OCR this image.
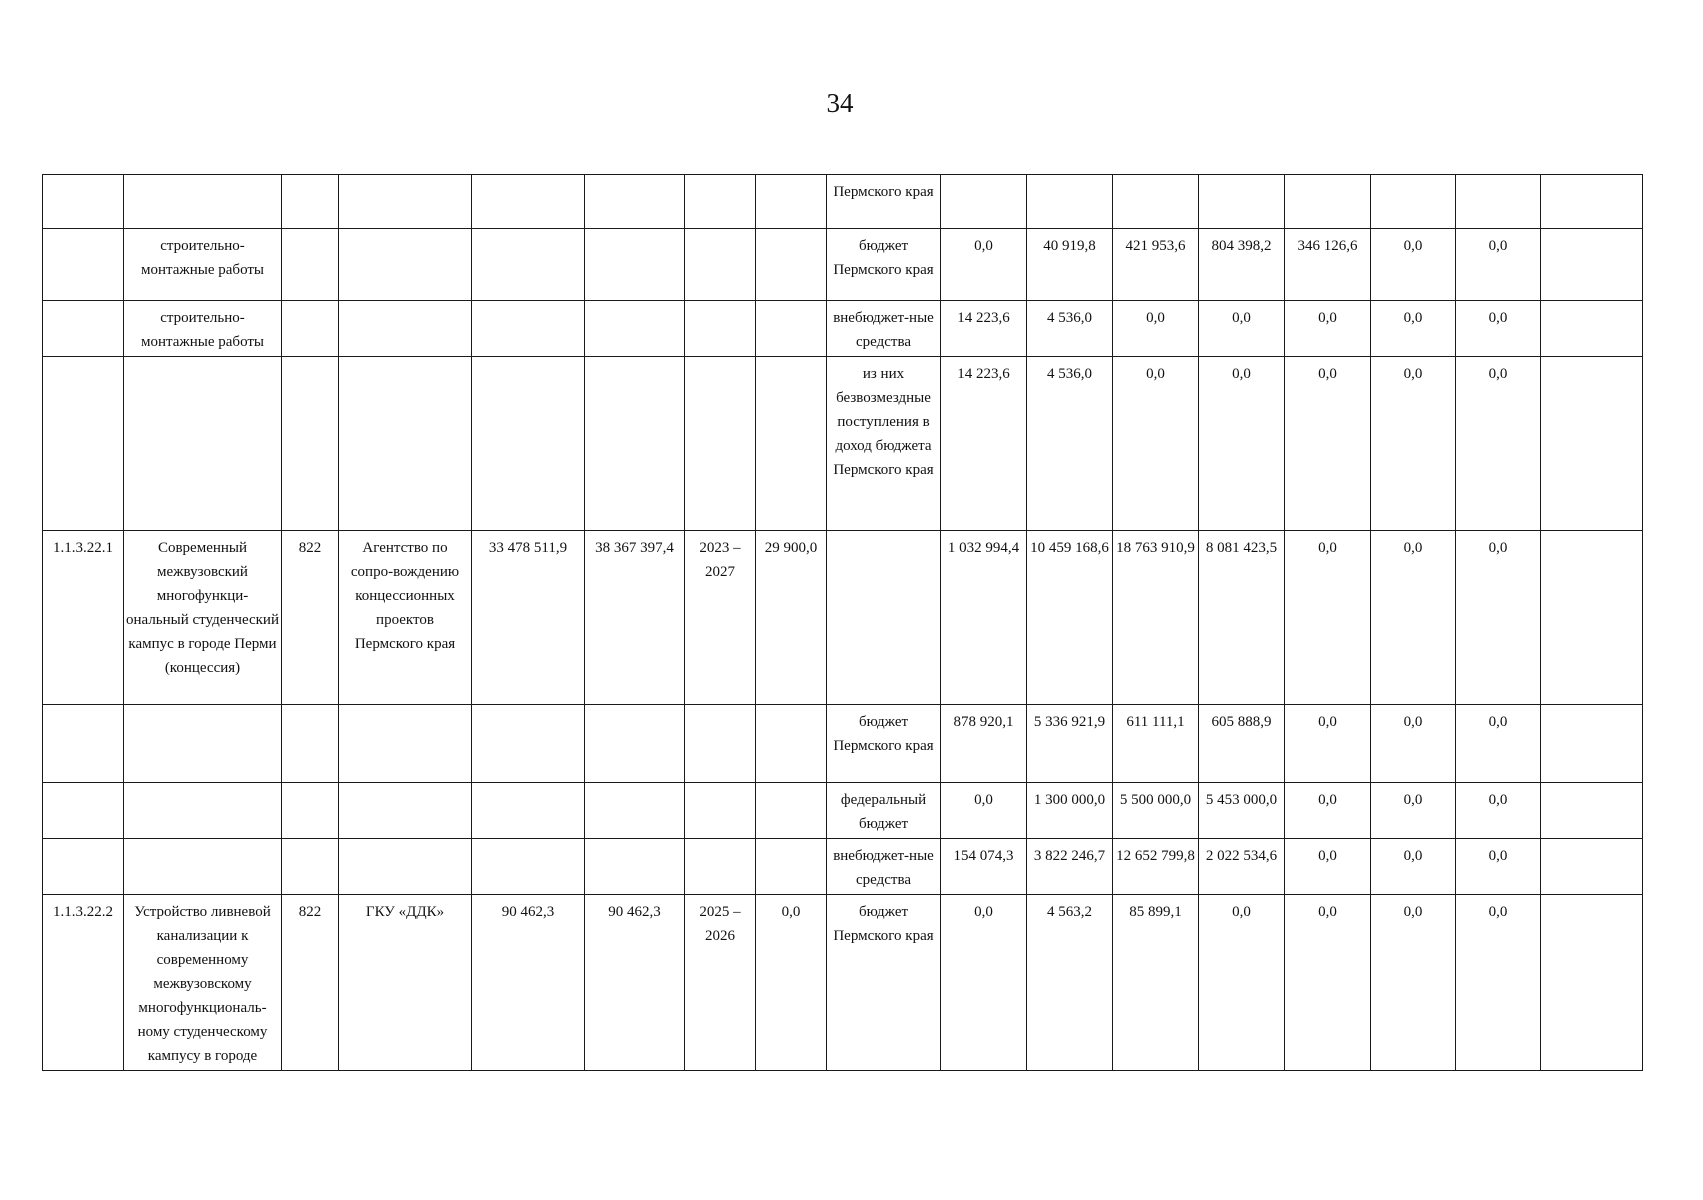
34
								Пермского края								
	строительно-монтажные работы							бюджет Пермского края	0,0	40 919,8	421 953,6	804 398,2	346 126,6	0,0	0,0	
	строительно-монтажные работы							внебюджет-ные средства	14 223,6	4 536,0	0,0	0,0	0,0	0,0	0,0	
								из них безвозмездные поступления в доход бюджета Пермского края	14 223,6	4 536,0	0,0	0,0	0,0	0,0	0,0	
1.1.3.22.1	Современный межвузовский многофункци-ональный студенческий кампус в городе Перми (концессия)	822	Агентство по сопро-вождению концессионных проектов Пермского края	33 478 511,9	38 367 397,4	2023 – 2027	29 900,0		1 032 994,4	10 459 168,6	18 763 910,9	8 081 423,5	0,0	0,0	0,0	
								бюджет Пермского края	878 920,1	5 336 921,9	611 111,1	605 888,9	0,0	0,0	0,0	
								федеральный бюджет	0,0	1 300 000,0	5 500 000,0	5 453 000,0	0,0	0,0	0,0	
								внебюджет-ные средства	154 074,3	3 822 246,7	12 652 799,8	2 022 534,6	0,0	0,0	0,0	
1.1.3.22.2	Устройство ливневой канализации к современному межвузовскому многофункциональ-ному студенческому кампусу в городе	822	ГКУ «ДДК»	90 462,3	90 462,3	2025 – 2026	0,0	бюджет Пермского края	0,0	4 563,2	85 899,1	0,0	0,0	0,0	0,0	
